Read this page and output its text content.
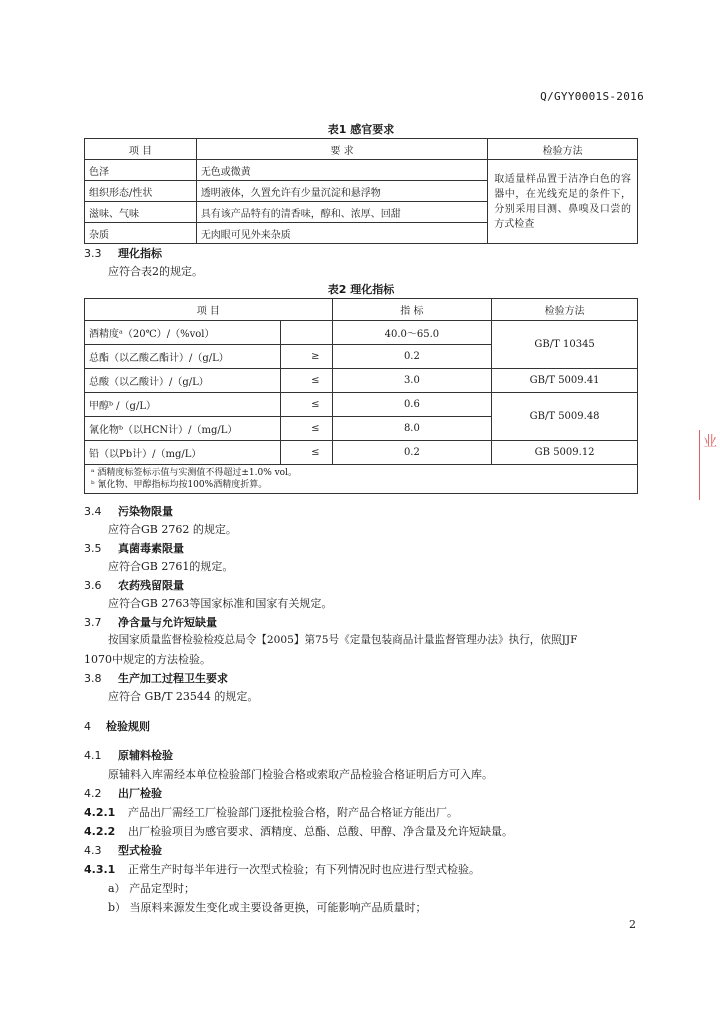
Q/GYY0001S-2016
表1 感官要求
项 目	要 求	检验方法
色泽	无色或微黄	取适量样品置于洁净白色的容器中，在光线充足的条件下，分别采用目测、鼻嗅及口尝的方式检查
组织形态/性状	透明液体，久置允许有少量沉淀和悬浮物	
滋味、气味	具有该产品特有的清香味，醇和、浓厚、回甜	
杂质	无肉眼可见外来杂质	
3.3 理化指标
应符合表2的规定。
表2 理化指标
项 目		指 标	检验方法
酒精度ᵃ（20℃）/（%vol）		40.0～65.0	GB/T 10345
总酯（以乙酸乙酯计）/（g/L）	≥	0.2	
总酸（以乙酸计）/（g/L）	≤	3.0	GB/T 5009.41
甲醇ᵇ /（g/L）	≤	0.6	GB/T 5009.48
氰化物ᵇ（以HCN计）/（mg/L）	≤	8.0	
铅（以Pb计）/（mg/L）	≤	0.2	GB 5009.12

ᵃ 酒精度标签标示值与实测值不得超过±1.0% vol。
ᵇ 氰化物、甲醇指标均按100%酒精度折算。			
3.4 污染物限量
应符合GB 2762 的规定。
3.5 真菌毒素限量
应符合GB 2761的规定。
3.6 农药残留限量
应符合GB 2763等国家标准和国家有关规定。
3.7 净含量与允许短缺量
按国家质量监督检验检疫总局令【2005】第75号《定量包装商品计量监督管理办法》执行，依照JJF
1070中规定的方法检验。
3.8 生产加工过程卫生要求
应符合 GB/T 23544 的规定。
4 检验规则
4.1 原辅料检验
原辅料入库需经本单位检验部门检验合格或索取产品检验合格证明后方可入库。
4.2 出厂检验
4.2.1 产品出厂需经工厂检验部门逐批检验合格，附产品合格证方能出厂。
4.2.2 出厂检验项目为感官要求、酒精度、总酯、总酸、甲醇、净含量及允许短缺量。
4.3 型式检验
4.3.1 正常生产时每半年进行一次型式检验；有下列情况时也应进行型式检验。
a） 产品定型时；
b） 当原料来源发生变化或主要设备更换，可能影响产品质量时；
2
业
